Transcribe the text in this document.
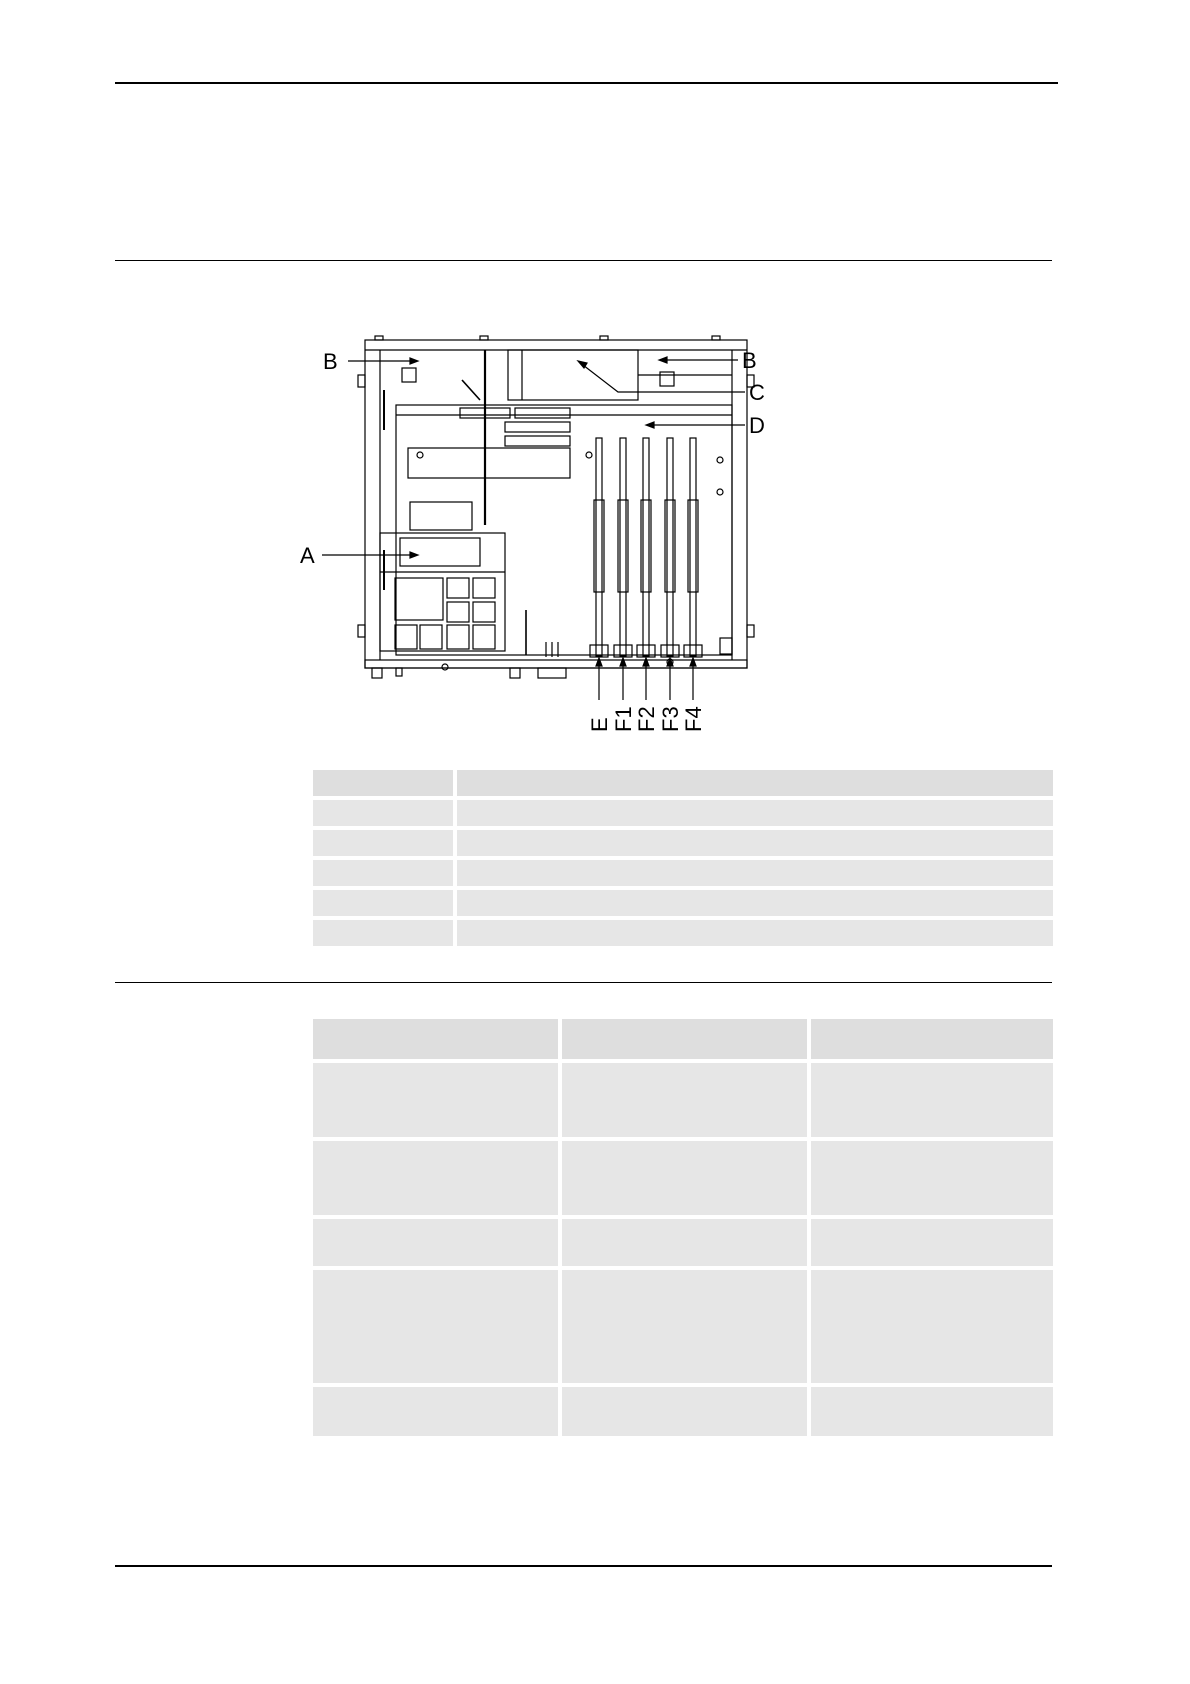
B	B
C
D
A
E F1
F2 F3
F4
